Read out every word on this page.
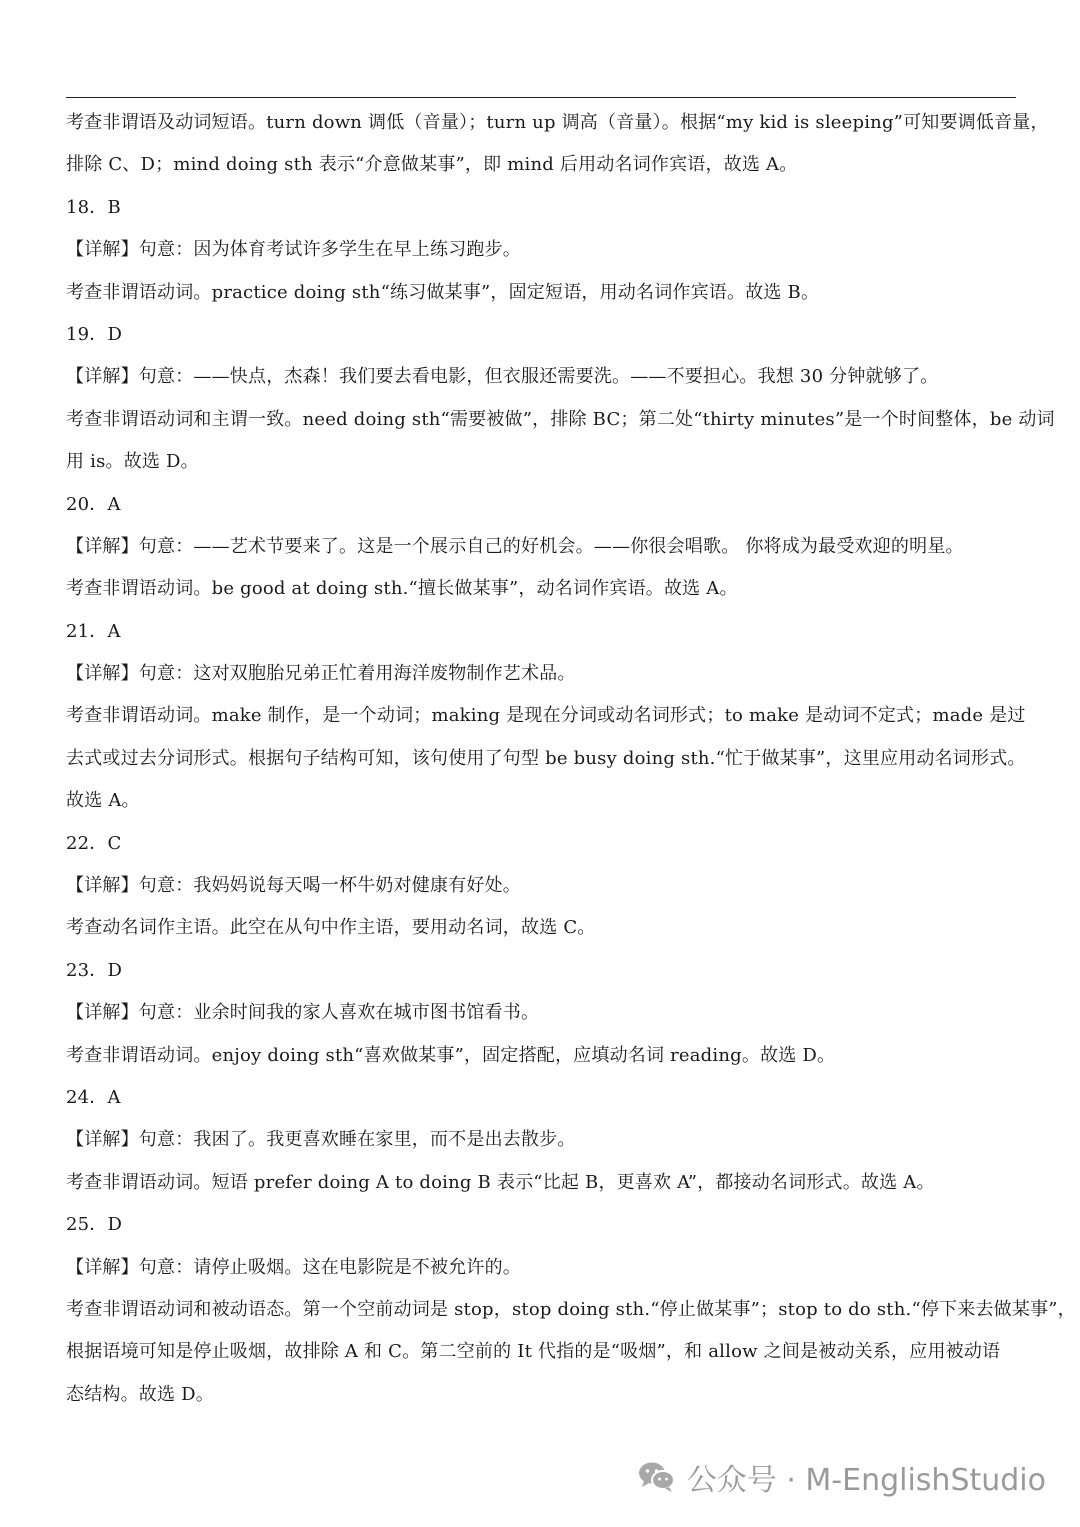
考查非谓语及动词短语。turn down 调低（音量）；turn up 调高（音量）。根据“my kid is sleeping”可知要调低音量，
排除 C、D；mind doing sth 表示“介意做某事”，即 mind 后用动名词作宾语，故选 A。
18．B
【详解】句意：因为体育考试许多学生在早上练习跑步。
考查非谓语动词。practice doing sth“练习做某事”，固定短语，用动名词作宾语。故选 B。
19．D
【详解】句意：——快点，杰森！我们要去看电影，但衣服还需要洗。——不要担心。我想 30 分钟就够了。
考查非谓语动词和主谓一致。need doing sth“需要被做”，排除 BC；第二处“thirty minutes”是一个时间整体，be 动词
用 is。故选 D。
20．A
【详解】句意：——艺术节要来了。这是一个展示自己的好机会。——你很会唱歌。 你将成为最受欢迎的明星。
考查非谓语动词。be good at doing sth.“擅长做某事”，动名词作宾语。故选 A。
21．A
【详解】句意：这对双胞胎兄弟正忙着用海洋废物制作艺术品。
考查非谓语动词。make 制作，是一个动词；making 是现在分词或动名词形式；to make 是动词不定式；made 是过
去式或过去分词形式。根据句子结构可知，该句使用了句型 be busy doing sth.“忙于做某事”，这里应用动名词形式。
故选 A。
22．C
【详解】句意：我妈妈说每天喝一杯牛奶对健康有好处。
考查动名词作主语。此空在从句中作主语，要用动名词，故选 C。
23．D
【详解】句意：业余时间我的家人喜欢在城市图书馆看书。
考查非谓语动词。enjoy doing sth“喜欢做某事”，固定搭配，应填动名词 reading。故选 D。
24．A
【详解】句意：我困了。我更喜欢睡在家里，而不是出去散步。
考查非谓语动词。短语 prefer doing A to doing B 表示“比起 B，更喜欢 A”，都接动名词形式。故选 A。
25．D
【详解】句意：请停止吸烟。这在电影院是不被允许的。
考查非谓语动词和被动语态。第一个空前动词是 stop，stop doing sth.“停止做某事”；stop to do sth.“停下来去做某事”，
根据语境可知是停止吸烟，故排除 A 和 C。第二空前的 It 代指的是“吸烟”，和 allow 之间是被动关系，应用被动语
态结构。故选 D。
公众号 · M-EnglishStudio
